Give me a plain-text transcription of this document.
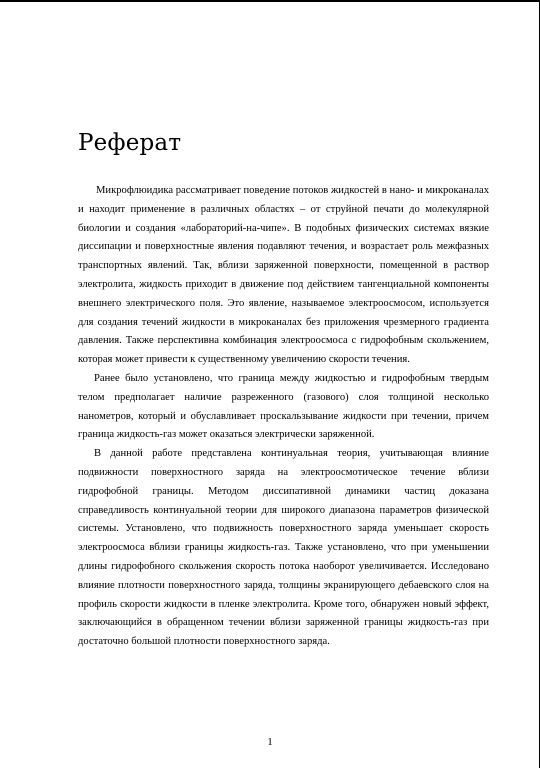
Реферат

Микрофлюидика рассматривает поведение потоков жидкостей в нано- и микроканалах и находит применение в различных областях – от струйной печати до молекулярной биологии и создания «лабораторий-на-чипе». В подобных физических системах вязкие диссипации и поверхностные явления подавляют течения, и возрастает роль межфазных транспортных явлений. Так, вблизи заряженной поверхности, помещенной в раствор электролита, жидкость приходит в движение под действием тангенциальной компоненты внешнего электрического поля. Это явление, называемое электроосмосом, используется для создания течений жидкости в микроканалах без приложения чрезмерного градиента давления. Также перспективна комбинация электроосмоса с гидрофобным скольжением, которая может привести к существенному увеличению скорости течения.

Ранее было установлено, что граница между жидкостью и гидрофобным твердым телом предполагает наличие разреженного (газового) слоя толщиной несколько нанометров, который и обуславливает проскальзывание жидкости при течении, причем граница жидкость-газ может оказаться электрически заряженной.

В данной работе представлена континуальная теория, учитывающая влияние подвижности поверхностного заряда на электроосмотическое течение вблизи гидрофобной границы. Методом диссипативной динамики частиц доказана справедливость континуальной теории для широкого диапазона параметров физической системы. Установлено, что подвижность поверхностного заряда уменьшает скорость электроосмоса вблизи границы жидкость-газ. Также установлено, что при уменьшении длины гидрофобного скольжения скорость потока наоборот увеличивается. Исследовано влияние плотности поверхностного заряда, толщины экранирующего дебаевского слоя на профиль скорости жидкости в пленке электролита. Кроме того, обнаружен новый эффект, заключающийся в обращенном течении вблизи заряженной границы жидкость-газ при достаточно большой плотности поверхностного заряда.

1
